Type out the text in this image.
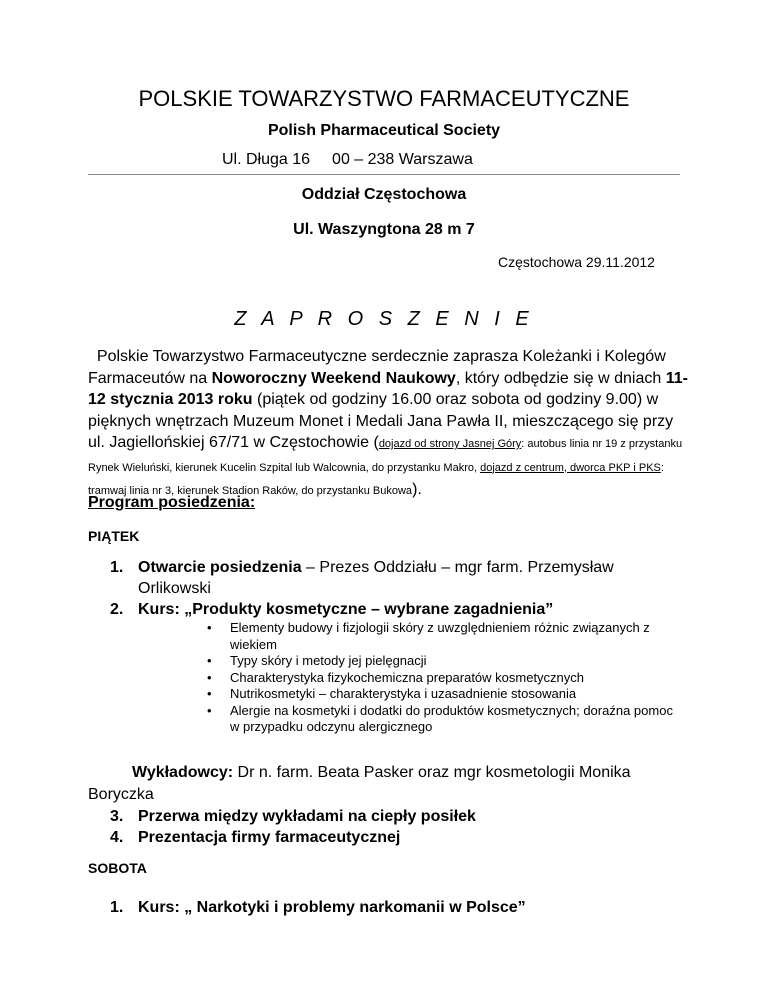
POLSKIE TOWARZYSTWO FARMACEUTYCZNE
Polish Pharmaceutical Society
Ul. Długa 16 00 – 238 Warszawa
Oddział Częstochowa
Ul. Waszyngtona 28 m 7
Częstochowa 29.11.2012
Z A P R O S Z E N I E
Polskie Towarzystwo Farmaceutyczne serdecznie zaprasza Koleżanki i Kolegów Farmaceutów na Noworoczny Weekend Naukowy, który odbędzie się w dniach 11-12 stycznia 2013 roku (piątek od godziny 16.00 oraz sobota od godziny 9.00) w pięknych wnętrzach Muzeum Monet i Medali Jana Pawła II, mieszczącego się przy ul. Jagiellońskiej 67/71 w Częstochowie (dojazd od strony Jasnej Góry: autobus linia nr 19 z przystanku Rynek Wieluński, kierunek Kucelin Szpital lub Walcownia, do przystanku Makro, dojazd z centrum, dworca PKP i PKS: tramwaj linia nr 3, kierunek Stadion Raków, do przystanku Bukowa).
Program posiedzenia:
PIĄTEK
1. Otwarcie posiedzenia – Prezes Oddziału – mgr farm. Przemysław Orlikowski
2. Kurs: „Produkty kosmetyczne – wybrane zagadnienia”
• Elementy budowy i fizjologii skóry z uwzględnieniem różnic związanych z wiekiem
• Typy skóry i metody jej pielęgnacji
• Charakterystyka fizykochemiczna preparatów kosmetycznych
• Nutrikosmetyki – charakterystyka i uzasadnienie stosowania
• Alergie na kosmetyki i dodatki do produktów kosmetycznych; doraźna pomoc w przypadku odczynu alergicznego
Wykładowcy: Dr n. farm. Beata Pasker oraz mgr kosmetologii Monika Boryczka
3. Przerwa między wykładami na ciepły posiłek
4. Prezentacja firmy farmaceutycznej
SOBOTA
1. Kurs: „ Narkotyki i problemy narkomanii w Polsce”
